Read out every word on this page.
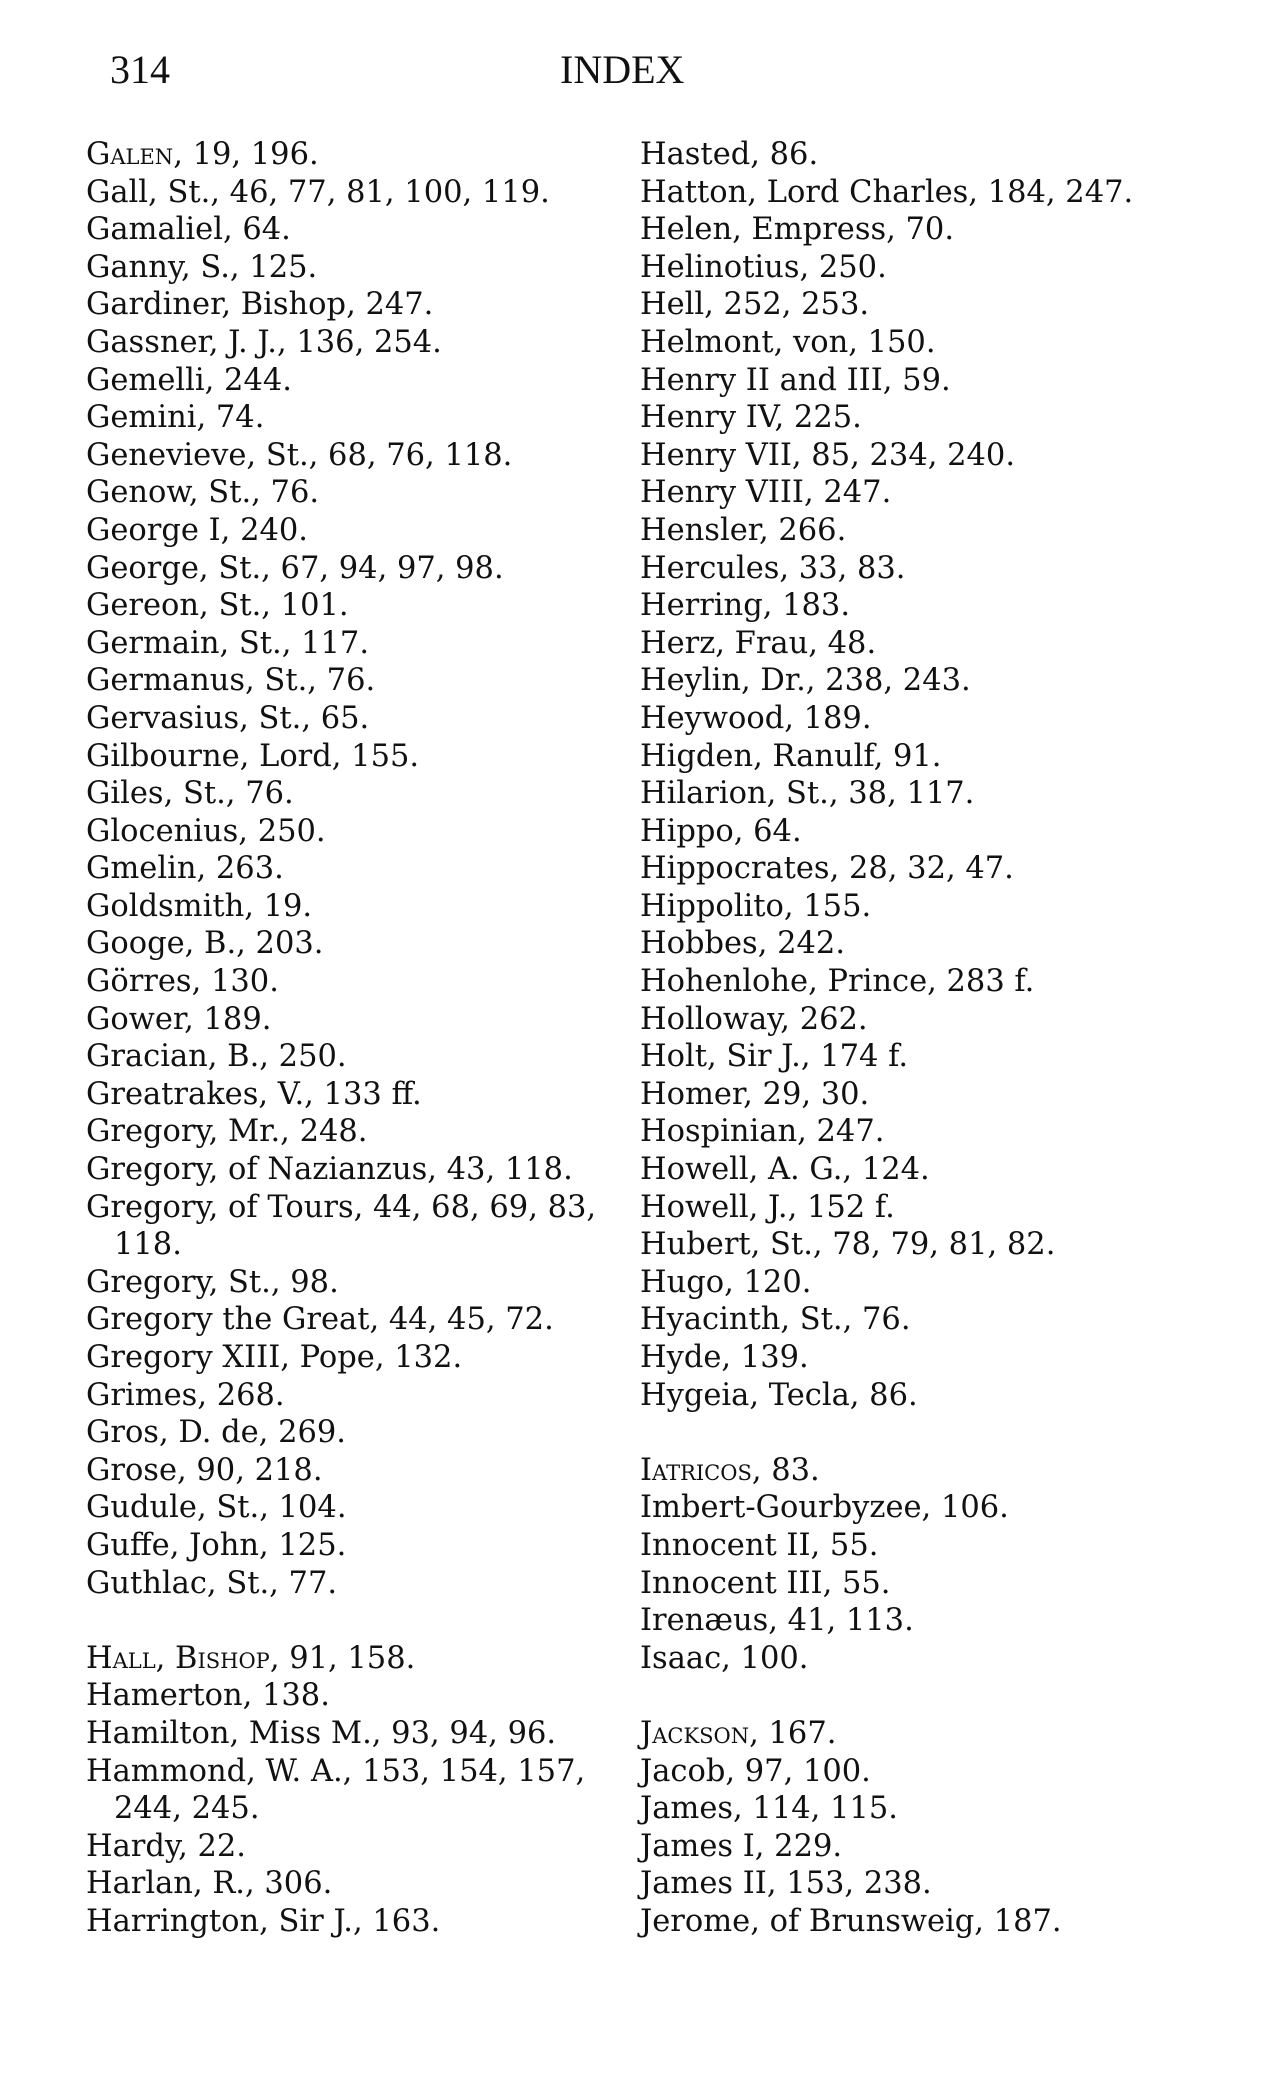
314	INDEX
Galen, 19, 196.
Gall, St., 46, 77, 81, 100, 119.
Gamaliel, 64.
Ganny, S., 125.
Gardiner, Bishop, 247.
Gassner, J. J., 136, 254.
Gemelli, 244.
Gemini, 74.
Genevieve, St., 68, 76, 118.
Genow, St., 76.
George I, 240.
George, St., 67, 94, 97, 98.
Gereon, St., 101.
Germain, St., 117.
Germanus, St., 76.
Gervasius, St., 65.
Gilbourne, Lord, 155.
Giles, St., 76.
Glocenius, 250.
Gmelin, 263.
Goldsmith, 19.
Googe, B., 203.
Görres, 130.
Gower, 189.
Gracian, B., 250.
Greatrakes, V., 133 ff.
Gregory, Mr., 248.
Gregory, of Nazianzus, 43, 118.
Gregory, of Tours, 44, 68, 69, 83, 118.
Gregory, St., 98.
Gregory the Great, 44, 45, 72.
Gregory XIII, Pope, 132.
Grimes, 268.
Gros, D. de, 269.
Grose, 90, 218.
Gudule, St., 104.
Guffe, John, 125.
Guthlac, St., 77.
Hall, Bishop, 91, 158.
Hamerton, 138.
Hamilton, Miss M., 93, 94, 96.
Hammond, W. A., 153, 154, 157, 244, 245.
Hardy, 22.
Harlan, R., 306.
Harrington, Sir J., 163.
Hasted, 86.
Hatton, Lord Charles, 184, 247.
Helen, Empress, 70.
Helinotius, 250.
Hell, 252, 253.
Helmont, von, 150.
Henry II and III, 59.
Henry IV, 225.
Henry VII, 85, 234, 240.
Henry VIII, 247.
Hensler, 266.
Hercules, 33, 83.
Herring, 183.
Herz, Frau, 48.
Heylin, Dr., 238, 243.
Heywood, 189.
Higden, Ranulf, 91.
Hilarion, St., 38, 117.
Hippo, 64.
Hippocrates, 28, 32, 47.
Hippolito, 155.
Hobbes, 242.
Hohenlohe, Prince, 283 f.
Holloway, 262.
Holt, Sir J., 174 f.
Homer, 29, 30.
Hospinian, 247.
Howell, A. G., 124.
Howell, J., 152 f.
Hubert, St., 78, 79, 81, 82.
Hugo, 120.
Hyacinth, St., 76.
Hyde, 139.
Hygeia, Tecla, 86.
Iatricos, 83.
Imbert-Gourbyzee, 106.
Innocent II, 55.
Innocent III, 55.
Irenæus, 41, 113.
Isaac, 100.
Jackson, 167.
Jacob, 97, 100.
James, 114, 115.
James I, 229.
James II, 153, 238.
Jerome, of Brunsweig, 187.
